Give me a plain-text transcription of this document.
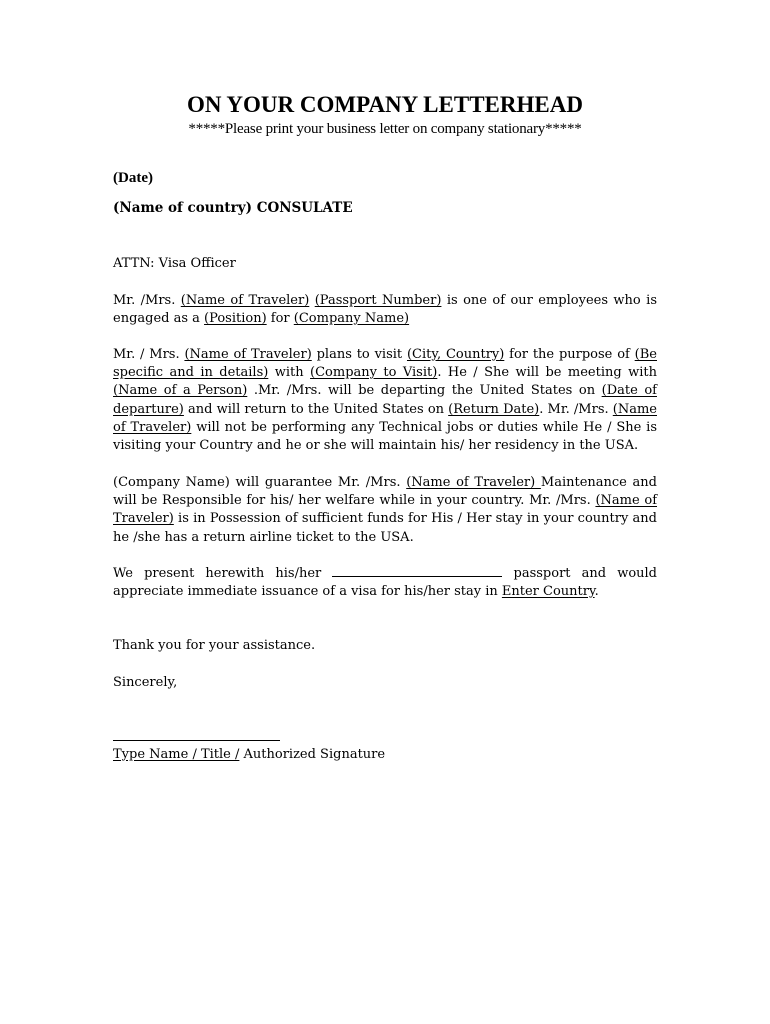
ON YOUR COMPANY LETTERHEAD

*****Please print your business letter on company stationary*****

(Date)
(Name of country) CONSULATE

ATTN: Visa Officer

Mr. /Mrs. (Name of Traveler) (Passport Number) is one of our employees who is engaged as a (Position) for (Company Name)

Mr. / Mrs. (Name of Traveler) plans to visit (City, Country) for the purpose of (Be specific and in details) with (Company to Visit). He / She will be meeting with (Name of a Person) .Mr. /Mrs. will be departing the United States on (Date of departure) and will return to the United States on (Return Date). Mr. /Mrs. (Name of Traveler) will not be performing any Technical jobs or duties while He / She is visiting your Country and he or she will maintain his/ her residency in the USA.

(Company Name) will guarantee Mr. /Mrs. (Name of Traveler) Maintenance and will be Responsible for his/ her welfare while in your country. Mr. /Mrs. (Name of Traveler) is in Possession of sufficient funds for His / Her stay in your country and he /she has a return airline ticket to the USA.

We present herewith his/her	passport and would appreciate immediate issuance of a visa for his/her stay in Enter Country.

Thank you for your assistance.

Sincerely,

Type Name / Title / Authorized Signature
